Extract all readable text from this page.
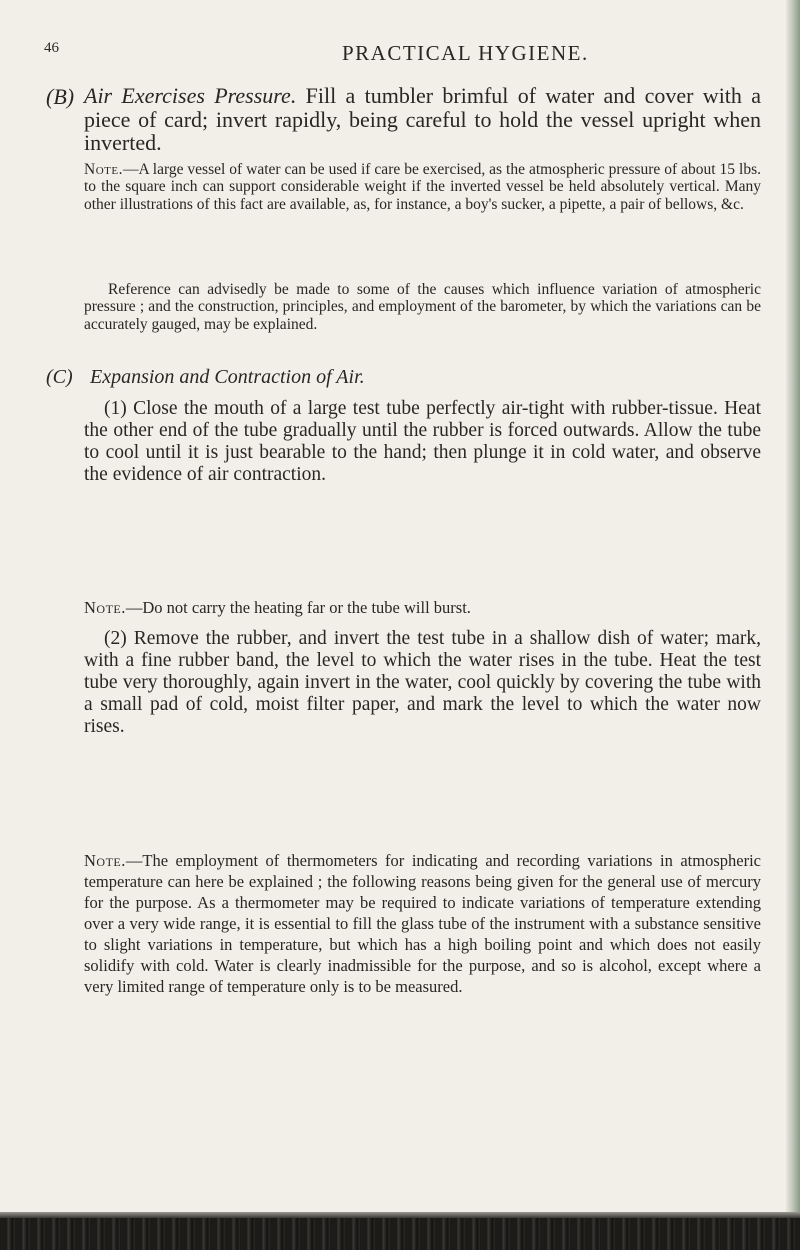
46	PRACTICAL HYGIENE.
(B) Air Exercises Pressure. Fill a tumbler brimful of water and cover with a piece of card; invert rapidly, being careful to hold the vessel upright when inverted.

Note.—A large vessel of water can be used if care be exercised, as the atmospheric pressure of about 15 lbs. to the square inch can support considerable weight if the inverted vessel be held absolutely vertical. Many other illustrations of this fact are available, as, for instance, a boy's sucker, a pipette, a pair of bellows, &c.

Reference can advisedly be made to some of the causes which influence variation of atmospheric pressure ; and the construction, principles, and employment of the barometer, by which the variations can be accurately gauged, may be explained.

(C) Expansion and Contraction of Air.

(1) Close the mouth of a large test tube perfectly air-tight with rubber-tissue. Heat the other end of the tube gradually until the rubber is forced outwards. Allow the tube to cool until it is just bearable to the hand; then plunge it in cold water, and observe the evidence of air contraction.

Note.—Do not carry the heating far or the tube will burst.

(2) Remove the rubber, and invert the test tube in a shallow dish of water; mark, with a fine rubber band, the level to which the water rises in the tube. Heat the test tube very thoroughly, again invert in the water, cool quickly by covering the tube with a small pad of cold, moist filter paper, and mark the level to which the water now rises.

Note.—The employment of thermometers for indicating and recording variations in atmospheric temperature can here be explained ; the following reasons being given for the general use of mercury for the purpose. As a thermometer may be required to indicate variations of temperature extending over a very wide range, it is essential to fill the glass tube of the instrument with a substance sensitive to slight variations in temperature, but which has a high boiling point and which does not easily solidify with cold. Water is clearly inadmissible for the purpose, and so is alcohol, except where a very limited range of temperature only is to be measured.
